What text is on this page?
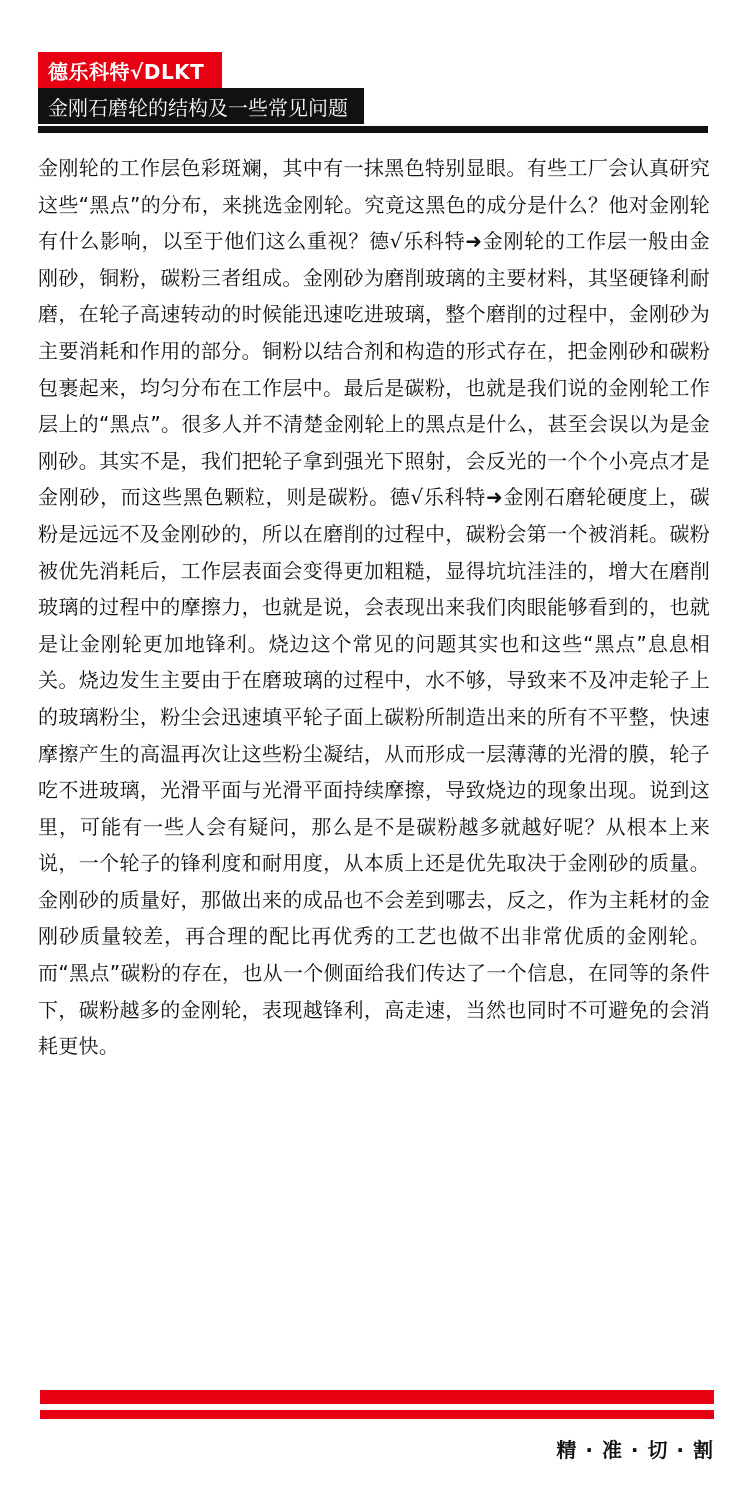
德乐科特√DLKT
金刚石磨轮的结构及一些常见问题

金刚轮的工作层色彩斑斓，其中有一抹黑色特别显眼。有些工厂会认真研究这些“黑点”的分布，来挑选金刚轮。究竟这黑色的成分是什么？他对金刚轮有什么影响，以至于他们这么重视？德√乐科特➜金刚轮的工作层一般由金刚砂，铜粉，碳粉三者组成。金刚砂为磨削玻璃的主要材料，其坚硬锋利耐磨，在轮子高速转动的时候能迅速吃进玻璃，整个磨削的过程中，金刚砂为主要消耗和作用的部分。铜粉以结合剂和构造的形式存在，把金刚砂和碳粉包裹起来，均匀分布在工作层中。最后是碳粉，也就是我们说的金刚轮工作层上的“黑点”。很多人并不清楚金刚轮上的黑点是什么，甚至会误以为是金刚砂。其实不是，我们把轮子拿到强光下照射，会反光的一个个小亮点才是金刚砂，而这些黑色颗粒，则是碳粉。德√乐科特➜金刚石磨轮硬度上，碳粉是远远不及金刚砂的，所以在磨削的过程中，碳粉会第一个被消耗。碳粉被优先消耗后，工作层表面会变得更加粗糙，显得坑坑洼洼的，增大在磨削玻璃的过程中的摩擦力，也就是说，会表现出来我们肉眼能够看到的，也就是让金刚轮更加地锋利。烧边这个常见的问题其实也和这些“黑点”息息相关。烧边发生主要由于在磨玻璃的过程中，水不够，导致来不及冲走轮子上的玻璃粉尘，粉尘会迅速填平轮子面上碳粉所制造出来的所有不平整，快速摩擦产生的高温再次让这些粉尘凝结，从而形成一层薄薄的光滑的膜，轮子吃不进玻璃，光滑平面与光滑平面持续摩擦，导致烧边的现象出现。说到这里，可能有一些人会有疑问，那么是不是碳粉越多就越好呢？从根本上来说，一个轮子的锋利度和耐用度，从本质上还是优先取决于金刚砂的质量。金刚砂的质量好，那做出来的成品也不会差到哪去，反之，作为主耗材的金刚砂质量较差，再合理的配比再优秀的工艺也做不出非常优质的金刚轮。而“黑点”碳粉的存在，也从一个侧面给我们传达了一个信息，在同等的条件下，碳粉越多的金刚轮，表现越锋利，高走速，当然也同时不可避免的会消耗更快。

精 · 准 · 切 · 割
